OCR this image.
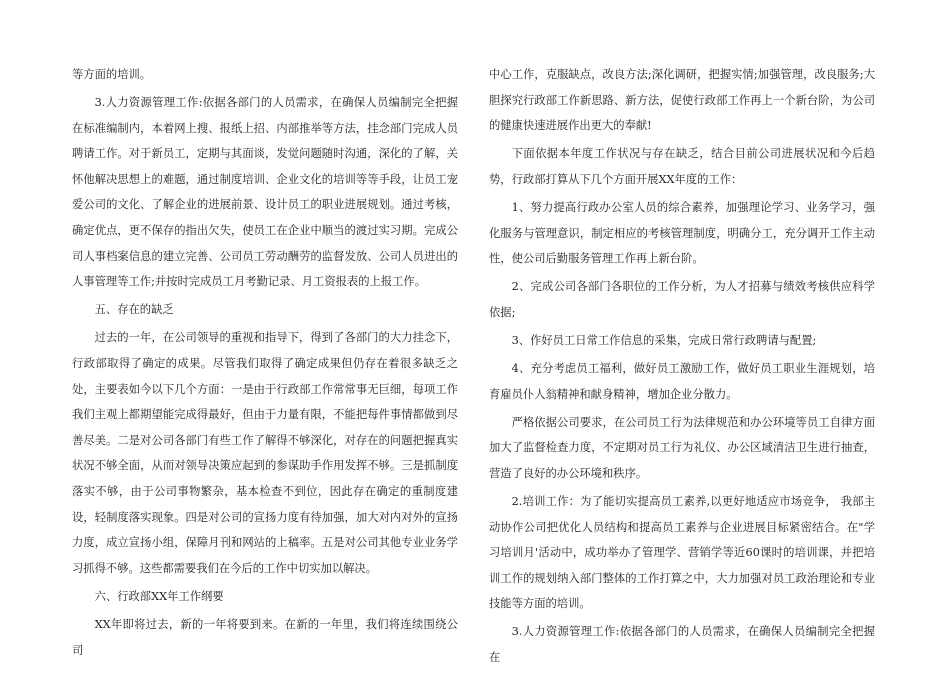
等方面的培训。

3.人力资源管理工作:依据各部门的人员需求，在确保人员编制完全把握在标准编制内，本着网上搜、报纸上招、内部推举等方法，挂念部门完成人员聘请工作。对于新员工，定期与其面谈，发觉问题随时沟通，深化的了解，关怀他解决思想上的难题，通过制度培训、企业文化的培训等等手段，让员工宠爱公司的文化、了解企业的进展前景、设计员工的职业进展规划。通过考核，确定优点，更不保存的指出欠失，使员工在企业中顺当的渡过实习期。完成公司人事档案信息的建立完善、公司员工劳动酬劳的监督发放、公司人员进出的人事管理等工作;并按时完成员工月考勤记录、月工资报表的上报工作。

五、存在的缺乏

过去的一年，在公司领导的重视和指导下，得到了各部门的大力挂念下，行政部取得了确定的成果。尽管我们取得了确定成果但仍存在着很多缺乏之处，主要表如今以下几个方面：一是由于行政部工作常常事无巨细，每项工作我们主观上都期望能完成得最好，但由于力量有限，不能把每件事情都做到尽善尽美。二是对公司各部门有些工作了解得不够深化，对存在的问题把握真实状况不够全面，从而对领导决策应起到的参谋助手作用发挥不够。三是抓制度落实不够，由于公司事物繁杂，基本检查不到位，因此存在确定的重制度建设，轻制度落实现象。四是对公司的宣扬力度有待加强，加大对内对外的宣扬力度，成立宣扬小组，保障月刊和网站的上稿率。五是对公司其他专业业务学习抓得不够。这些都需要我们在今后的工作中切实加以解决。

六、行政部XX年工作纲要

XX年即将过去，新的一年将要到来。在新的一年里，我们将连续围绕公司

中心工作，克服缺点，改良方法;深化调研，把握实情;加强管理，改良服务;大胆探究行政部工作新思路、新方法，促使行政部工作再上一个新台阶，为公司的健康快速进展作出更大的奉献!

下面依据本年度工作状况与存在缺乏，结合目前公司进展状况和今后趋势，行政部打算从下几个方面开展XX年度的工作：

1、努力提高行政办公室人员的综合素养，加强理论学习、业务学习，强化服务与管理意识，制定相应的考核管理制度，明确分工，充分调开工作主动性，使公司后勤服务管理工作再上新台阶。

2、完成公司各部门各职位的工作分析，为人才招募与绩效考核供应科学依据;

3、作好员工日常工作信息的采集，完成日常行政聘请与配置;

4、充分考虑员工福利，做好员工激励工作，做好员工职业生涯规划，培育雇员仆人翁精神和献身精神，增加企业分散力。

严格依据公司要求，在公司员工行为法律规范和办公环境等员工自律方面加大了监督检查力度，不定期对员工行为礼仪、办公区域清洁卫生进行抽查，营造了良好的办公环境和秩序。

2.培训工作：为了能切实提高员工素养,以更好地适应市场竞争， 我部主动协作公司把优化人员结构和提高员工素养与企业进展目标紧密结合。在"学习培训月'活动中，成功举办了管理学、营销学等近60课时的培训课，并把培训工作的规划纳入部门整体的工作打算之中，大力加强对员工政治理论和专业技能等方面的培训。

3.人力资源管理工作:依据各部门的人员需求，在确保人员编制完全把握在
